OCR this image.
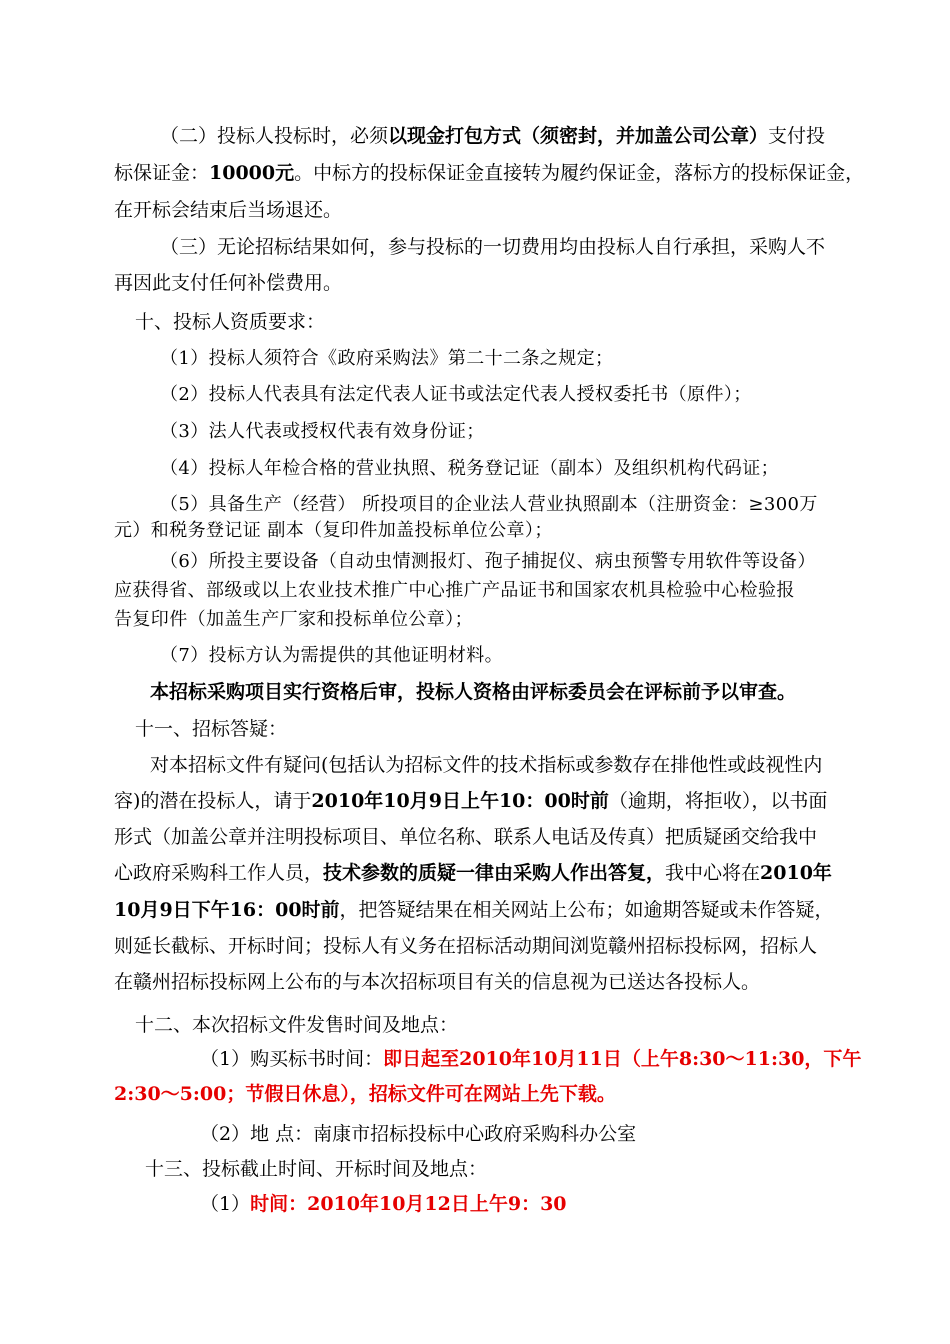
（二）投标人投标时，必须以现金打包方式（须密封，并加盖公司公章）支付投
标保证金：10000元。中标方的投标保证金直接转为履约保证金，落标方的投标保证金，
在开标会结束后当场退还。
（三）无论招标结果如何，参与投标的一切费用均由投标人自行承担，采购人不
再因此支付任何补偿费用。
十、投标人资质要求：
（1）投标人须符合《政府采购法》第二十二条之规定；
（2）投标人代表具有法定代表人证书或法定代表人授权委托书（原件）；
（3）法人代表或授权代表有效身份证；
（4）投标人年检合格的营业执照、税务登记证（副本）及组织机构代码证；
（5）具备生产（经营） 所投项目的企业法人营业执照副本（注册资金：≥300万
元）和税务登记证 副本（复印件加盖投标单位公章）；
（6）所投主要设备（自动虫情测报灯、孢子捕捉仪、病虫预警专用软件等设备）
应获得省、部级或以上农业技术推广中心推广产品证书和国家农机具检验中心检验报
告复印件（加盖生产厂家和投标单位公章）；
（7）投标方认为需提供的其他证明材料。
本招标采购项目实行资格后审，投标人资格由评标委员会在评标前予以审查。
十一、招标答疑：
对本招标文件有疑问(包括认为招标文件的技术指标或参数存在排他性或歧视性内
容)的潜在投标人，请于2010年10月9日上午10：00时前（逾期，将拒收），以书面
形式（加盖公章并注明投标项目、单位名称、联系人电话及传真）把质疑函交给我中
心政府采购科工作人员，技术参数的质疑一律由采购人作出答复，我中心将在2010年
10月9日下午16：00时前，把答疑结果在相关网站上公布；如逾期答疑或未作答疑，
则延长截标、开标时间；投标人有义务在招标活动期间浏览赣州招标投标网，招标人
在赣州招标投标网上公布的与本次招标项目有关的信息视为已送达各投标人。
十二、本次招标文件发售时间及地点：
（1）购买标书时间：即日起至2010年10月11日（上午8:30～11:30，下午
2:30～5:00；节假日休息），招标文件可在网站上先下载。
（2）地 点：南康市招标投标中心政府采购科办公室
十三、投标截止时间、开标时间及地点：
（1）时间：2010年10月12日上午9：30
